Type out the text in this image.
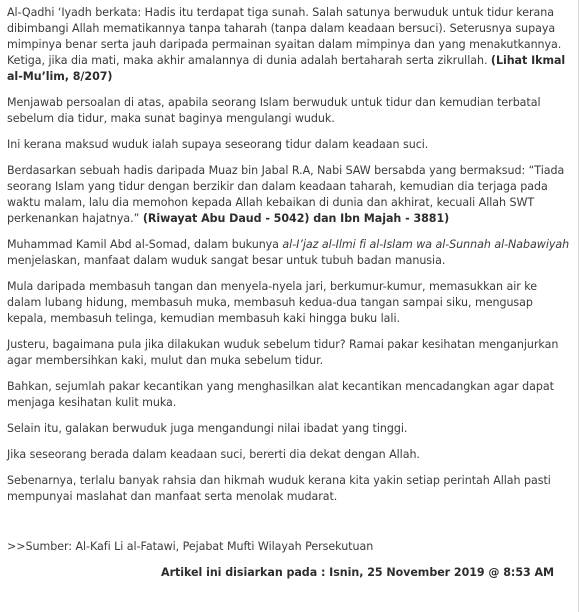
Al-Qadhi ‘Iyadh berkata: Hadis itu terdapat tiga sunah. Salah satunya berwuduk untuk tidur kerana dibimbangi Allah mematikannya tanpa taharah (tanpa dalam keadaan bersuci). Seterusnya supaya mimpinya benar serta jauh daripada permainan syaitan dalam mimpinya dan yang menakutkannya. Ketiga, jika dia mati, maka akhir amalannya di dunia adalah bertaharah serta zikrullah. (Lihat Ikmal al-Mu’lim, 8/207)

Menjawab persoalan di atas, apabila seorang Islam berwuduk untuk tidur dan kemudian terbatal sebelum dia tidur, maka sunat baginya mengulangi wuduk.

Ini kerana maksud wuduk ialah supaya seseorang tidur dalam keadaan suci.

Berdasarkan sebuah hadis daripada Muaz bin Jabal R.A, Nabi SAW bersabda yang bermaksud: “Tiada seorang Islam yang tidur dengan berzikir dan dalam keadaan taharah, kemudian dia terjaga pada waktu malam, lalu dia memohon kepada Allah kebaikan di dunia dan akhirat, kecuali Allah SWT perkenankan hajatnya.” (Riwayat Abu Daud - 5042) dan Ibn Majah - 3881)

Muhammad Kamil Abd al-Somad, dalam bukunya al-I’jaz al-Ilmi fi al-Islam wa al-Sunnah al-Nabawiyah menjelaskan, manfaat dalam wuduk sangat besar untuk tubuh badan manusia.

Mula daripada membasuh tangan dan menyela-nyela jari, berkumur-kumur, memasukkan air ke dalam lubang hidung, membasuh muka, membasuh kedua-dua tangan sampai siku, mengusap kepala, membasuh telinga, kemudian membasuh kaki hingga buku lali.

Justeru, bagaimana pula jika dilakukan wuduk sebelum tidur? Ramai pakar kesihatan menganjurkan agar membersihkan kaki, mulut dan muka sebelum tidur.

Bahkan, sejumlah pakar kecantikan yang menghasilkan alat kecantikan mencadangkan agar dapat menjaga kesihatan kulit muka.

Selain itu, galakan berwuduk juga mengandungi nilai ibadat yang tinggi.

Jika seseorang berada dalam keadaan suci, bererti dia dekat dengan Allah.

Sebenarnya, terlalu banyak rahsia dan hikmah wuduk kerana kita yakin setiap perintah Allah pasti mempunyai maslahat dan manfaat serta menolak mudarat.

>>Sumber: Al-Kafi Li al-Fatawi, Pejabat Mufti Wilayah Persekutuan

Artikel ini disiarkan pada : Isnin, 25 November 2019 @ 8:53 AM
